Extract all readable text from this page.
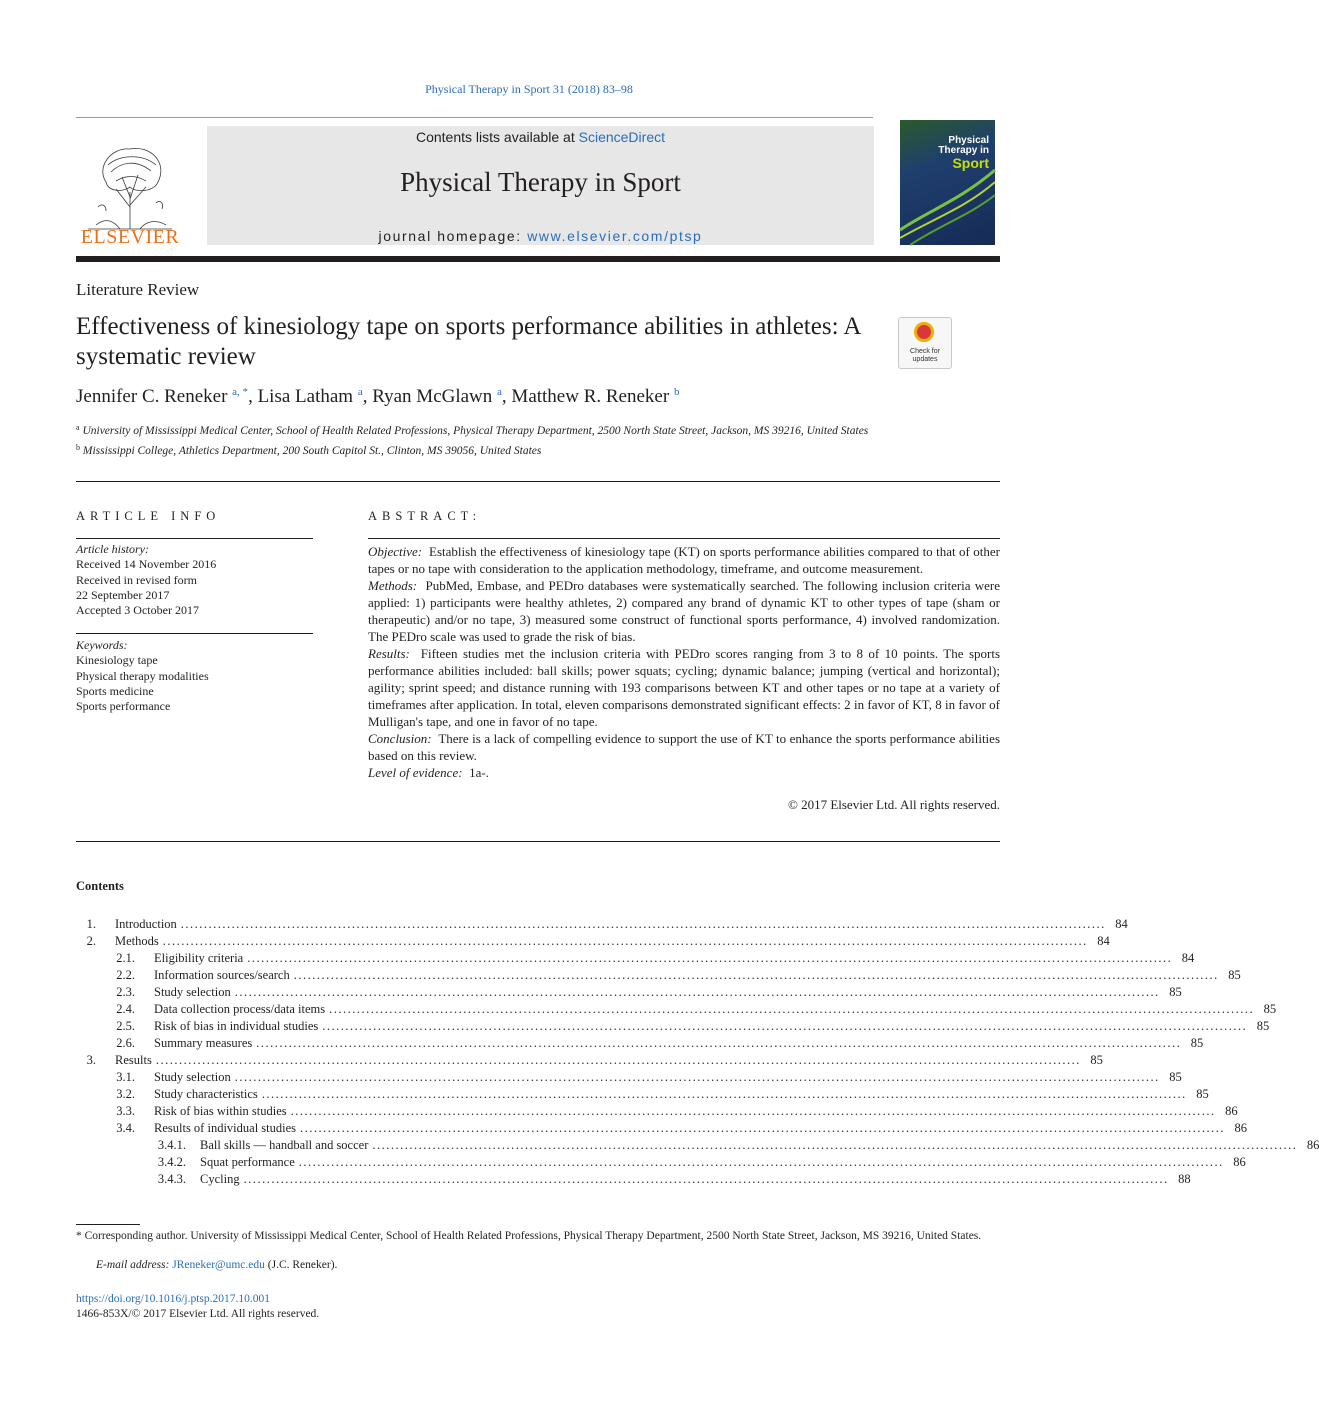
Physical Therapy in Sport 31 (2018) 83–98
ELSEVIER
Contents lists available at ScienceDirect
Physical Therapy in Sport
journal homepage: www.elsevier.com/ptsp
Physical
Therapy in
Sport
Literature Review
Effectiveness of kinesiology tape on sports performance abilities in athletes: A systematic review	Check for updates
Jennifer C. Reneker $^{a, *}$, Lisa Latham $^a$, Ryan McGlawn $^a$, Matthew R. Reneker $^b$
$^a$ University of Mississippi Medical Center, School of Health Related Professions, Physical Therapy Department, 2500 North State Street, Jackson, MS 39216, United States
$^b$ Mississippi College, Athletics Department, 200 South Capitol St., Clinton, MS 39056, United States
ARTICLE INFO
Article history:
Received 14 November 2016
Received in revised form
22 September 2017
Accepted 3 October 2017
Keywords:
Kinesiology tape
Physical therapy modalities
Sports medicine
Sports performance
ABSTRACT:

Objective: Establish the effectiveness of kinesiology tape (KT) on sports performance abilities compared to that of other tapes or no tape with consideration to the application methodology, timeframe, and outcome measurement.

Methods: PubMed, Embase, and PEDro databases were systematically searched. The following inclusion criteria were applied: 1) participants were healthy athletes, 2) compared any brand of dynamic KT to other types of tape (sham or therapeutic) and/or no tape, 3) measured some construct of functional sports performance, 4) involved randomization. The PEDro scale was used to grade the risk of bias.

Results: Fifteen studies met the inclusion criteria with PEDro scores ranging from 3 to 8 of 10 points. The sports performance abilities included: ball skills; power squats; cycling; dynamic balance; jumping (vertical and horizontal); agility; sprint speed; and distance running with 193 comparisons between KT and other tapes or no tape at a variety of timeframes after application. In total, eleven comparisons demonstrated significant effects: 2 in favor of KT, 8 in favor of Mulligan's tape, and one in favor of no tape.

Conclusion: There is a lack of compelling evidence to support the use of KT to enhance the sports performance abilities based on this review.

Level of evidence: 1a-.

© 2017 Elsevier Ltd. All rights reserved.
Contents
1. Introduction ........................................................................................................................................................................................................ 84
2. Methods ........................................................................................................................................................................................................ 84
2.1. Eligibility criteria ........................................................................................................................................................................................................ 84
2.2. Information sources/search ........................................................................................................................................................................................................ 85
2.3. Study selection ........................................................................................................................................................................................................ 85
2.4. Data collection process/data items ........................................................................................................................................................................................................ 85
2.5. Risk of bias in individual studies ........................................................................................................................................................................................................ 85
2.6. Summary measures ........................................................................................................................................................................................................ 85
3. Results ........................................................................................................................................................................................................ 85
3.1. Study selection ........................................................................................................................................................................................................ 85
3.2. Study characteristics ........................................................................................................................................................................................................ 85
3.3. Risk of bias within studies ........................................................................................................................................................................................................ 86
3.4. Results of individual studies ........................................................................................................................................................................................................ 86
3.4.1. Ball skills — handball and soccer ........................................................................................................................................................................................................ 86
3.4.2. Squat performance ........................................................................................................................................................................................................ 86
3.4.3. Cycling ........................................................................................................................................................................................................ 88
* Corresponding author. University of Mississippi Medical Center, School of Health Related Professions, Physical Therapy Department, 2500 North State Street, Jackson, MS 39216, United States.
E-mail address: JReneker@umc.edu (J.C. Reneker).
https://doi.org/10.1016/j.ptsp.2017.10.001
1466-853X/© 2017 Elsevier Ltd. All rights reserved.
